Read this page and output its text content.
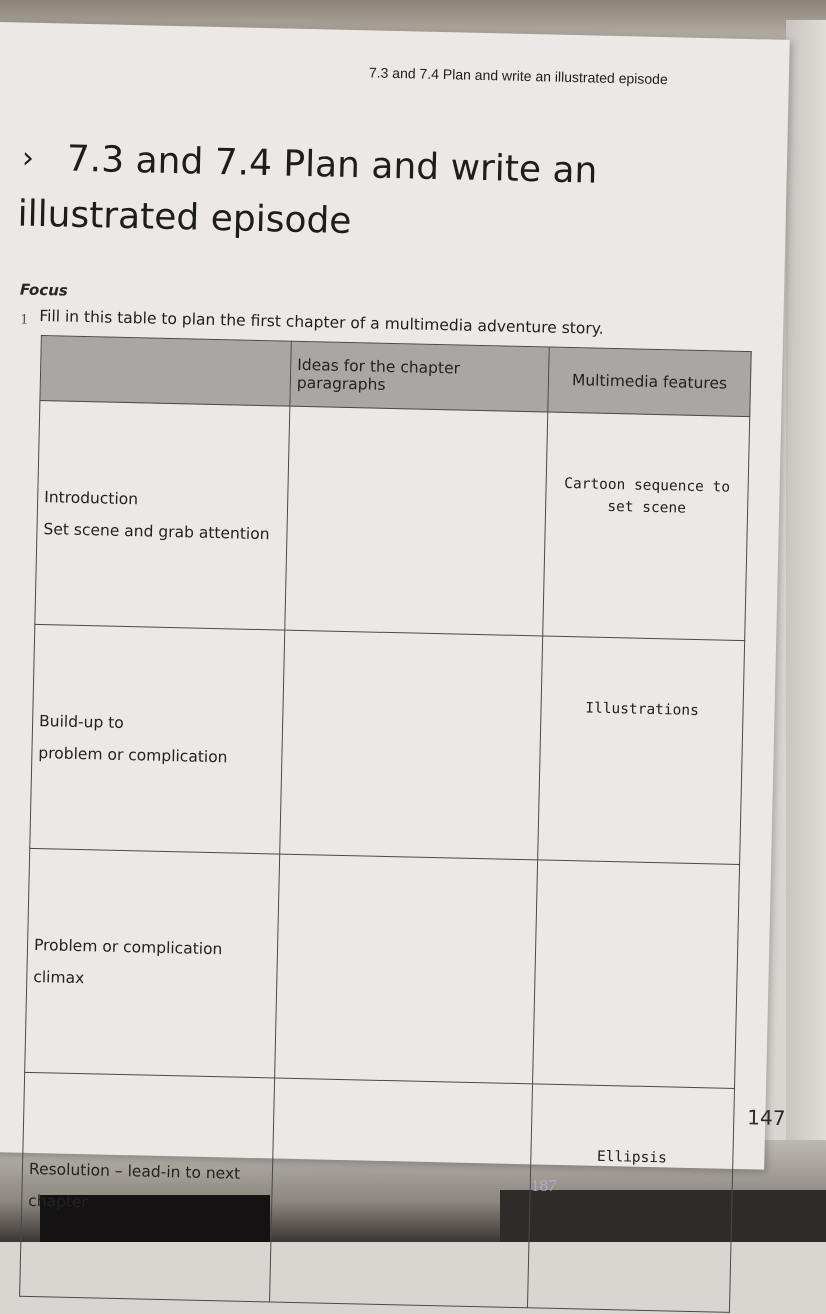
187
7.3 and 7.4 Plan and write an illustrated episode
› 7.3 and 7.4 Plan and write an
illustrated episode
Focus
1 Fill in this table to plan the first chapter of a multimedia adventure story.
	Ideas for the chapter paragraphs	Multimedia features

Introduction
Set scene and grab attention		Cartoon sequence to set scene

Build-up to
problem or complication		Illustrations

Problem or complication
climax		

Resolution – lead-in to next
chapter		Ellipsis
147
